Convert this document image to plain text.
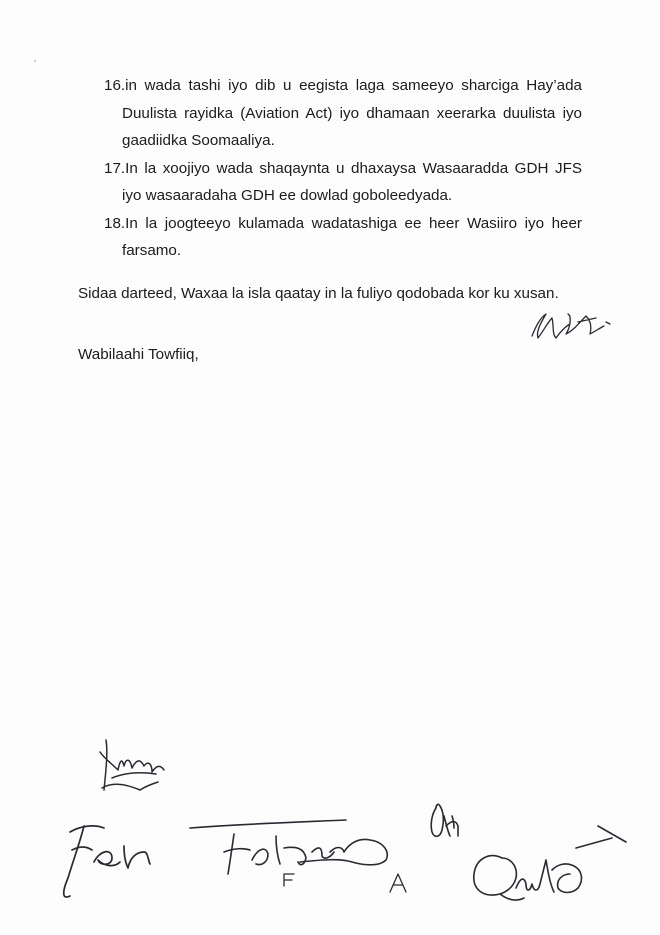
16.in wada tashi iyo dib u eegista laga sameeyo sharciga Hay’ada Duulista rayidka (Aviation Act) iyo dhamaan xeerarka duulista iyo gaadiidka Soomaaliya.
17.In la xoojiyo wada shaqaynta u dhaxaysa Wasaaradda GDH JFS iyo wasaaradaha GDH ee dowlad goboleedyada.
18.In la joogteeyo kulamada wadatashiga ee heer Wasiiro iyo heer farsamo.
Sidaa darteed, Waxaa la isla qaatay in la fuliyo qodobada kor ku xusan.
Wabilaahi Towfiiq,
